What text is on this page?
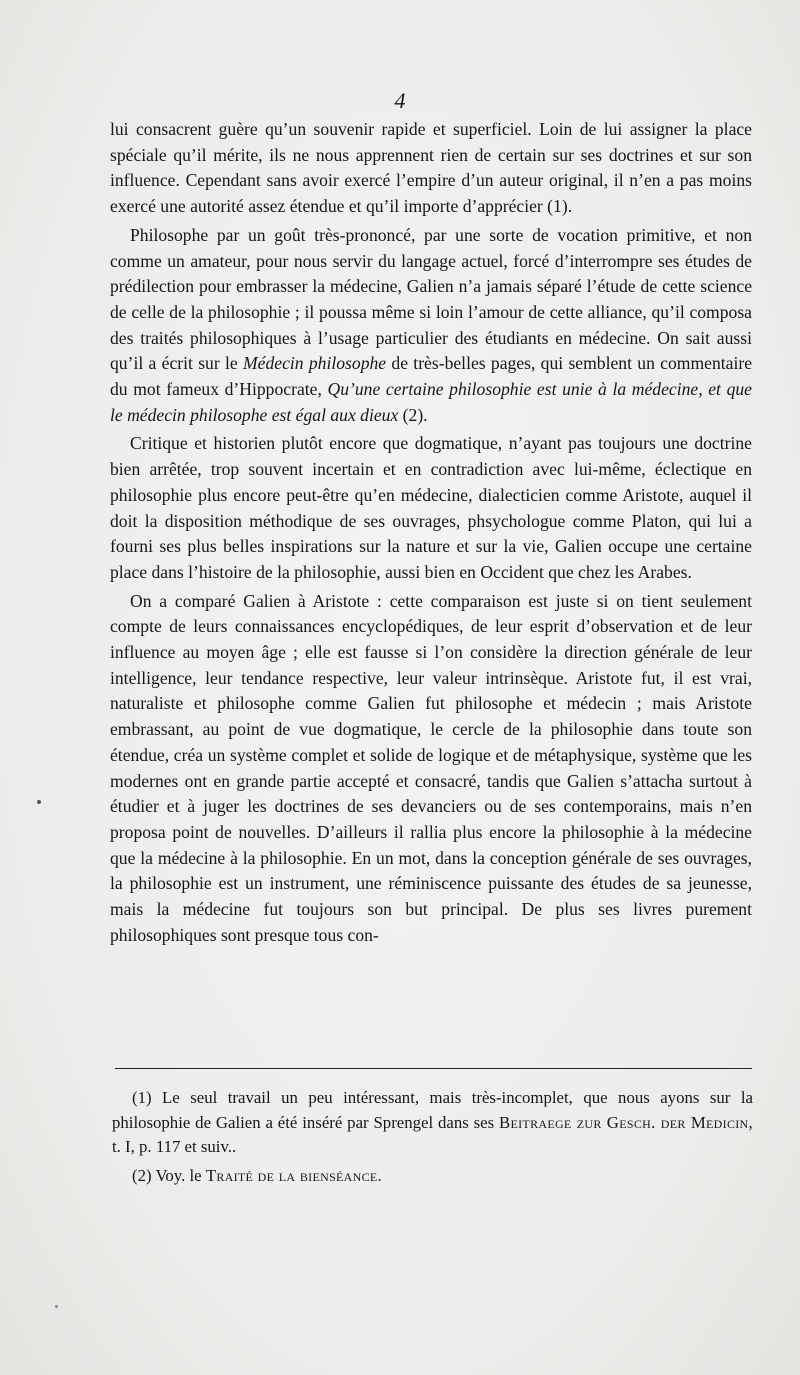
4

lui consacrent guère qu’un souvenir rapide et superficiel. Loin de lui assigner la place spéciale qu’il mérite, ils ne nous apprennent rien de certain sur ses doctrines et sur son influence. Cependant sans avoir exercé l’empire d’un auteur original, il n’en a pas moins exercé une autorité assez étendue et qu’il importe d’apprécier (1).

Philosophe par un goût très-prononcé, par une sorte de vocation primitive, et non comme un amateur, pour nous servir du langage actuel, forcé d’interrompre ses études de prédilection pour embrasser la médecine, Galien n’a jamais séparé l’étude de cette science de celle de la philosophie ; il poussa même si loin l’amour de cette alliance, qu’il composa des traités philosophiques à l’usage particulier des étudiants en médecine. On sait aussi qu’il a écrit sur le Médecin philosophe de très-belles pages, qui semblent un commentaire du mot fameux d’Hippocrate, Qu’une certaine philosophie est unie à la médecine, et que le médecin philosophe est égal aux dieux (2).

Critique et historien plutôt encore que dogmatique, n’ayant pas toujours une doctrine bien arrêtée, trop souvent incertain et en contradiction avec lui-même, éclectique en philosophie plus encore peut-être qu’en médecine, dialecticien comme Aristote, auquel il doit la disposition méthodique de ses ouvrages, phsychologue comme Platon, qui lui a fourni ses plus belles inspirations sur la nature et sur la vie, Galien occupe une certaine place dans l’histoire de la philosophie, aussi bien en Occident que chez les Arabes.

On a comparé Galien à Aristote : cette comparaison est juste si on tient seulement compte de leurs connaissances encyclopédiques, de leur esprit d’observation et de leur influence au moyen âge ; elle est fausse si l’on considère la direction générale de leur intelligence, leur tendance respective, leur valeur intrinsèque. Aristote fut, il est vrai, naturaliste et philosophe comme Galien fut philosophe et médecin ; mais Aristote embrassant, au point de vue dogmatique, le cercle de la philosophie dans toute son étendue, créa un système complet et solide de logique et de métaphysique, système que les modernes ont en grande partie accepté et consacré, tandis que Galien s’attacha surtout à étudier et à juger les doctrines de ses devanciers ou de ses contemporains, mais n’en proposa point de nouvelles. D’ailleurs il rallia plus encore la philosophie à la médecine que la médecine à la philosophie. En un mot, dans la conception générale de ses ouvrages, la philosophie est un instrument, une réminiscence puissante des études de sa jeunesse, mais la médecine fut toujours son but principal. De plus ses livres purement philosophiques sont presque tous con-

(1) Le seul travail un peu intéressant, mais très-incomplet, que nous ayons sur la philosophie de Galien a été inséré par Sprengel dans ses Beitraege zur Gesch. der Medicin, t. I, p. 117 et suiv..

(2) Voy. le Traité de la bienséance.
